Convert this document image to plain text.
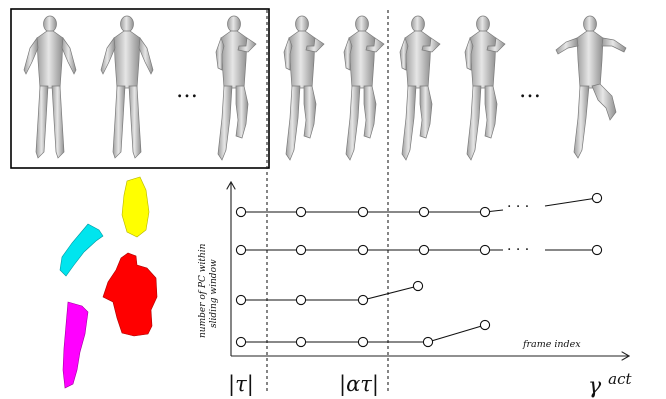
…	…
number of PC within sliding window
frame index
· · ·
· · ·
|τ|	|ατ|	γ $^{act}$
